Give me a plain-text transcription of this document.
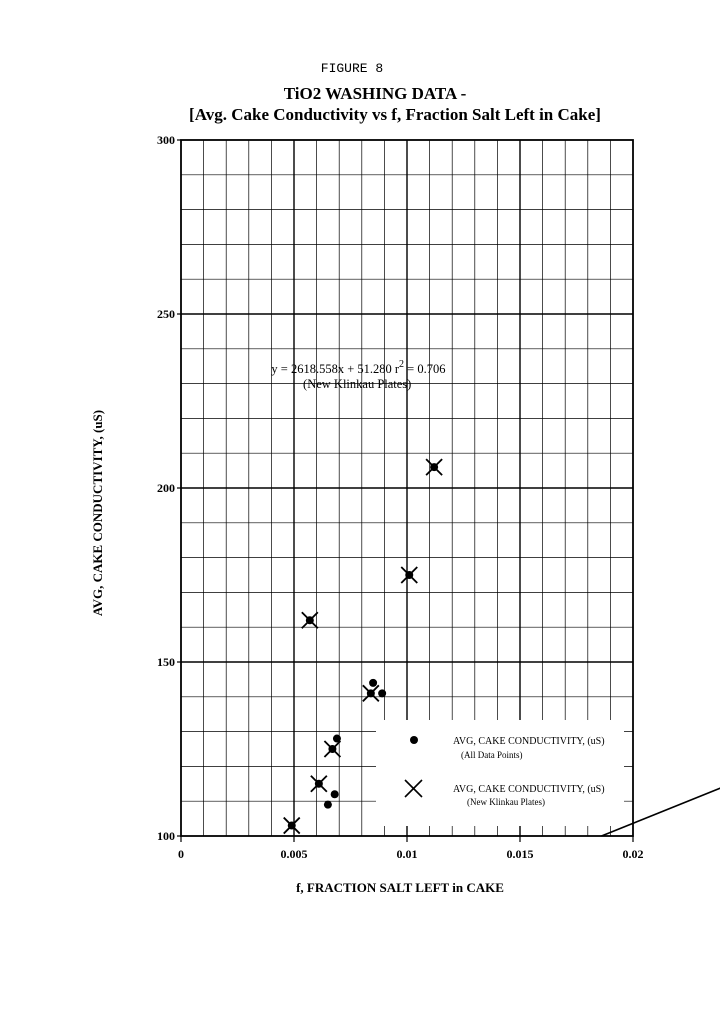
FIGURE 8
TiO2 WASHING DATA -
[Avg. Cake Conductivity vs f, Fraction Salt Left in Cake]
0	0.005	0.01	0.015	0.02
100
150
200
250
300
y = 2618.558x + 51.280 $r^2 = 0.706$
(New Klinkau Plates)
AVG, CAKE CONDUCTIVITY, (uS)
(All Data Points)
AVG, CAKE CONDUCTIVITY, (uS)
(New Klinkau Plates)
f, FRACTION SALT LEFT in CAKE
AVG, CAKE CONDUCTIVITY, (uS)
